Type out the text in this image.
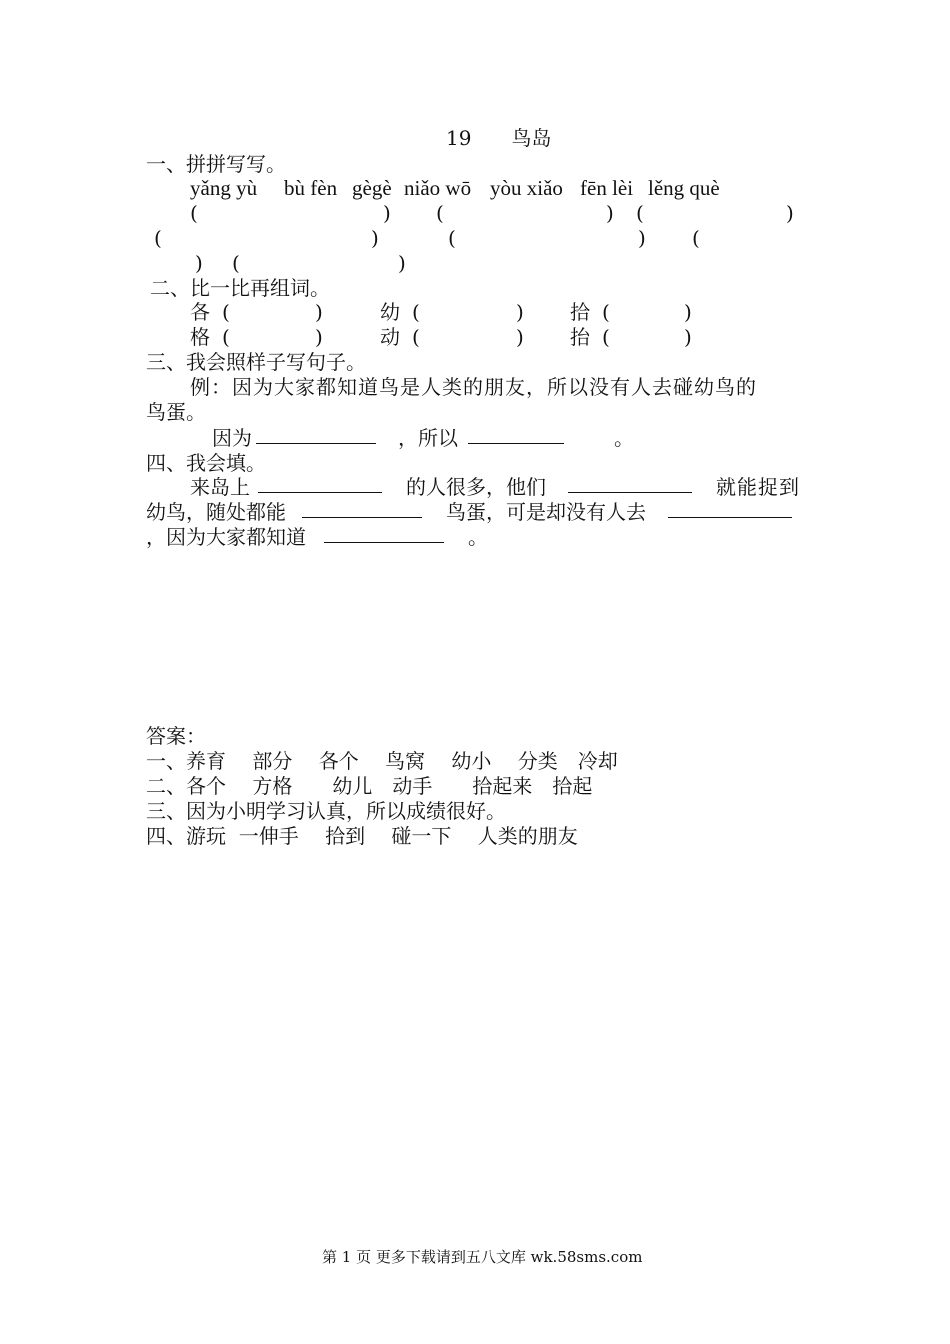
19　　鸟岛
一、拼拼写写。
yǎng yù bù fèn gègè niǎo wō yòu xiǎo fēn lèi lěng què
(	) (	) (	)
(	)	(	) (
) (	)
二、比一比再组词。
各 (	)	幼 (	) 拾 (	)
格 (	)	动 (	) 抬 (	)
三、我会照样子写句子。
例：因为大家都知道鸟是人类的朋友，所以没有人去碰幼鸟的
鸟蛋。
因为	，所以	。
四、我会填。
来岛上	的人很多，他们	就能捉到
幼鸟，随处都能	鸟蛋，可是却没有人去
，因为大家都知道	。
答案：
一、养育　 部分　 各个　 鸟窝　 幼小　 分类　冷却
二、各个　 方格　　幼儿　动手　　拾起来　拾起
三、因为小明学习认真，所以成绩很好。
四、游玩  一伸手　 拾到　 碰一下　 人类的朋友
第 1 页 更多下载请到五八文库 wk.58sms.com
